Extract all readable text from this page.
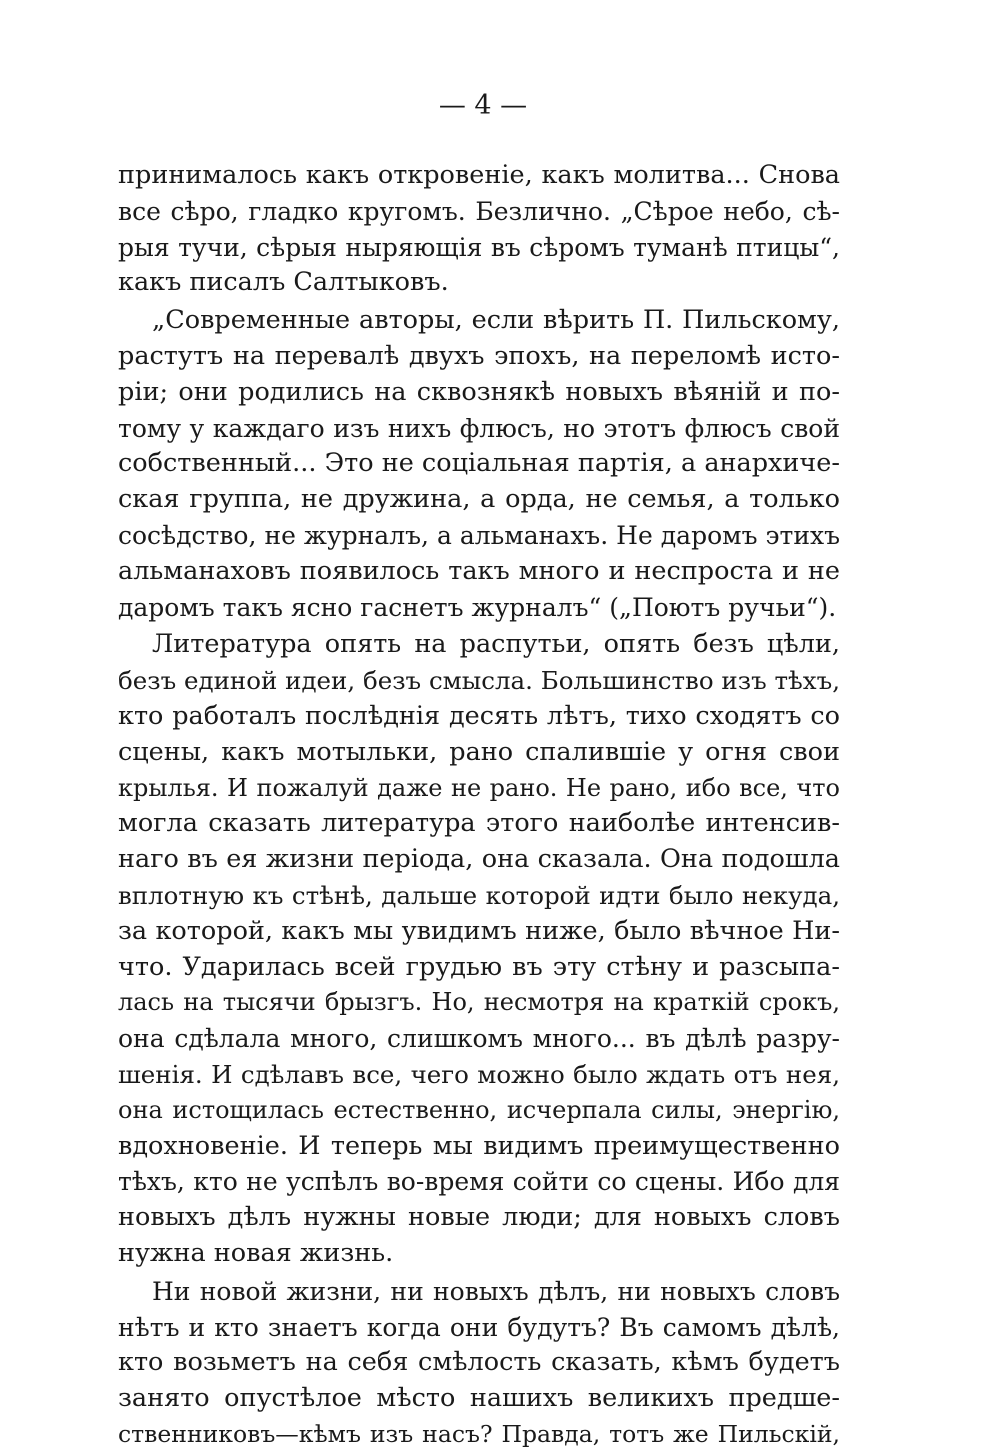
— 4 —
принималось какъ откровеніе, какъ молитва... Снова
все сѣро, гладко кругомъ. Безлично. „Сѣрое небо, сѣ-
рыя тучи, сѣрыя ныряющія въ сѣромъ туманѣ птицы“,
какъ писалъ Салтыковъ.
„Современные авторы, если вѣрить П. Пильскому,
растутъ на перевалѣ двухъ эпохъ, на переломѣ исто-
ріи; они родились на сквознякѣ новыхъ вѣяній и по-
тому у каждаго изъ нихъ флюсъ, но этотъ флюсъ свой
собственный... Это не соціальная партія, а анархиче-
ская группа, не дружина, а орда, не семья, а только
сосѣдство, не журналъ, а альманахъ. Не даромъ этихъ
альманаховъ появилось такъ много и неспроста и не
даромъ такъ ясно гаснетъ журналъ“ („Поютъ ручьи“).
Литература опять на распутьи, опять безъ цѣли,
безъ единой идеи, безъ смысла. Большинство изъ тѣхъ,
кто работалъ послѣднія десять лѣтъ, тихо сходятъ со
сцены, какъ мотыльки, рано спалившіе у огня свои
крылья. И пожалуй даже не рано. Не рано, ибо все, что
могла сказать литература этого наиболѣе интенсив-
наго въ ея жизни періода, она сказала. Она подошла
вплотную къ стѣнѣ, дальше которой идти было некуда,
за которой, какъ мы увидимъ ниже, было вѣчное Ни-
что. Ударилась всей грудью въ эту стѣну и разсыпа-
лась на тысячи брызгъ. Но, несмотря на краткій срокъ,
она сдѣлала много, слишкомъ много... въ дѣлѣ разру-
шенія. И сдѣлавъ все, чего можно было ждать отъ нея,
она истощилась естественно, исчерпала силы, энергію,
вдохновеніе. И теперь мы видимъ преимущественно
тѣхъ, кто не успѣлъ во-время сойти со сцены. Ибо для
новыхъ дѣлъ нужны новые люди; для новыхъ словъ
нужна новая жизнь.
Ни новой жизни, ни новыхъ дѣлъ, ни новыхъ словъ
нѣтъ и кто знаетъ когда они будутъ? Въ самомъ дѣлѣ,
кто возьметъ на себя смѣлость сказать, кѣмъ будетъ
занято опустѣлое мѣсто нашихъ великихъ предше-
ственниковъ—кѣмъ изъ насъ? Правда, тотъ же Пильскій,
